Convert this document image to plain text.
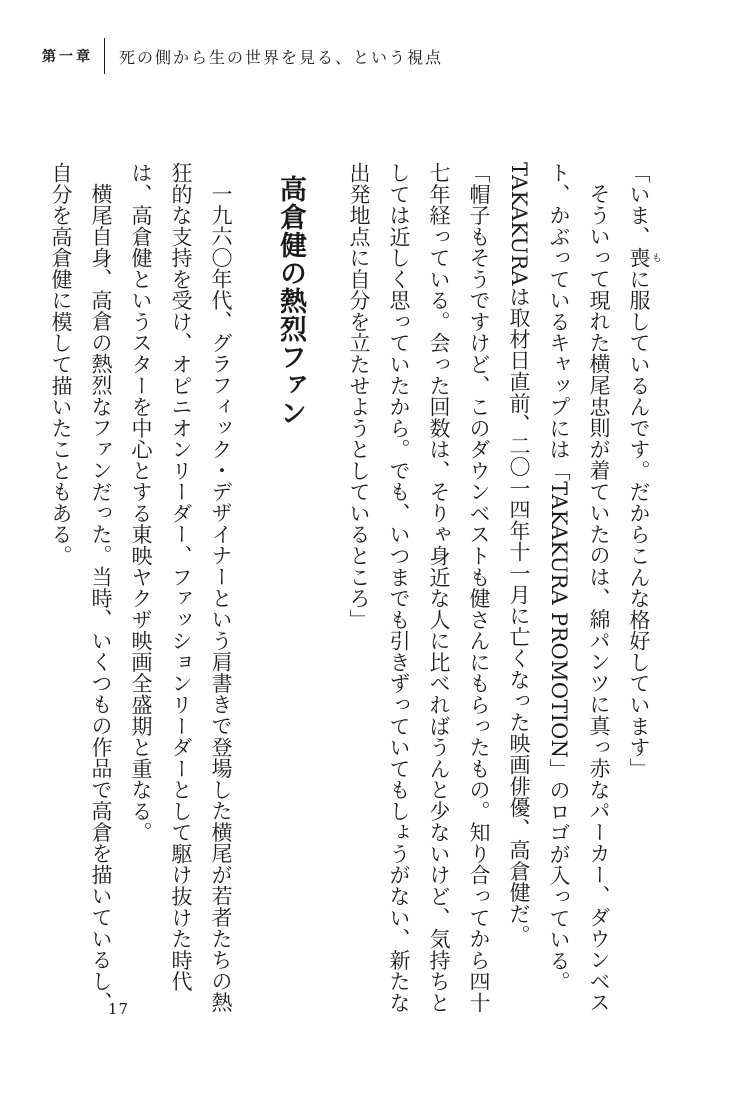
第一章 死の側から生の世界を見る、という視点

「いま、喪もに服しているんです。だからこんな格好しています」

そういって現れた横尾忠則が着ていたのは、綿パンツに真っ赤なパーカー、ダウンベスト、かぶっているキャップには「TAKAKURA PROMOTION」のロゴが入っている。TAKAKURAは取材日直前、二〇一四年十一月に亡くなった映画俳優、高倉健だ。

「帽子もそうですけど、このダウンベストも健さんにもらったもの。知り合ってから四十七年経っている。会った回数は、そりゃ身近な人に比べればうんと少ないけど、気持ちとしては近しく思っていたから。でも、いつまでも引きずっていてもしょうがない、新たな出発地点に自分を立たせようとしているところ」

高倉健の熱烈ファン

一九六〇年代、グラフィック・デザイナーという肩書きで登場した横尾が若者たちの熱狂的な支持を受け、オピニオンリーダー、ファッションリーダーとして駆け抜けた時代は、高倉健というスターを中心とする東映ヤクザ映画全盛期と重なる。

横尾自身、高倉の熱烈なファンだった。当時、いくつもの作品で高倉を描いているし、自分を高倉健に模して描いたこともある。

17
